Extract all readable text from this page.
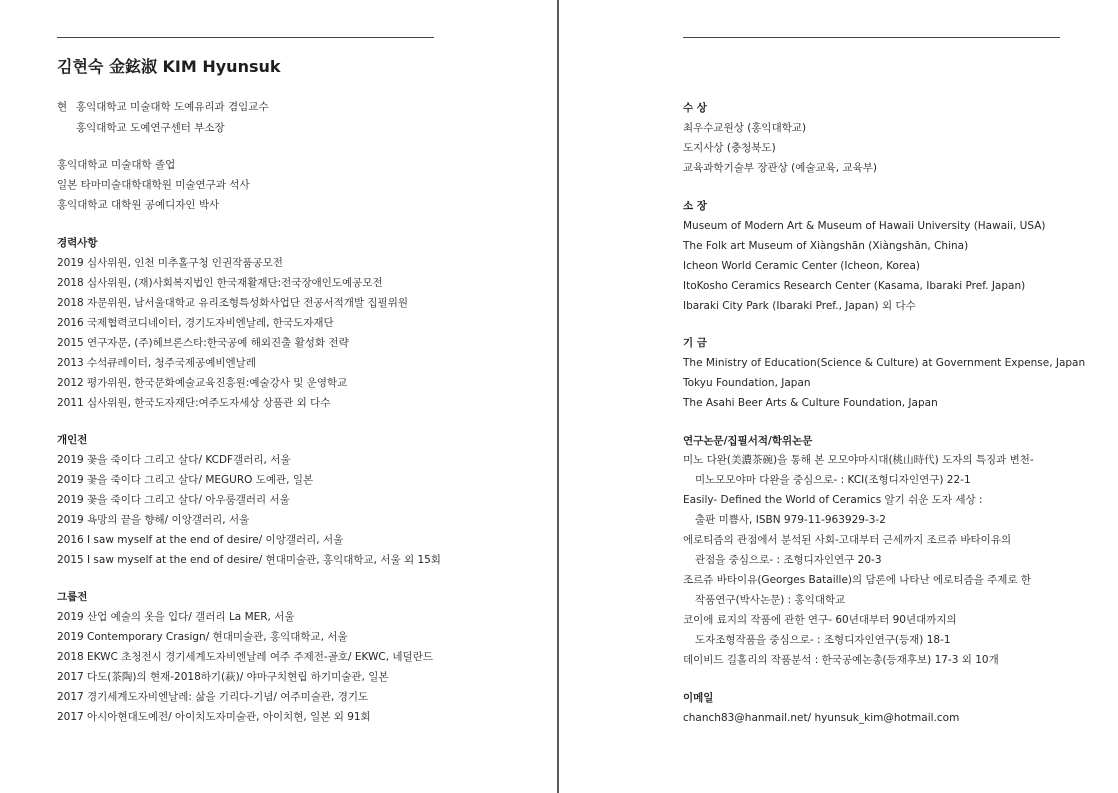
김현숙 金鉉淑 KIM Hyunsuk
현 홍익대학교 미술대학 도예유리과 겸임교수
홍익대학교 도예연구센터 부소장
홍익대학교 미술대학 졸업
일본 타마미술대학대학원 미술연구과 석사
홍익대학교 대학원 공예디자인 박사
경력사항
2019 심사위원, 인천 미추홀구청 인권작품공모전
2018 심사위원, (재)사회복지법인 한국재활재단:전국장애인도예공모전
2018 자문위원, 남서울대학교 유리조형특성화사업단 전공서적개발 집필위원
2016 국제협력코디네이터, 경기도자비엔날레, 한국도자재단
2015 연구자문, (주)헤브론스타:한국공예 해외진출 활성화 전략
2013 수석큐레이터, 청주국제공예비엔날레
2012 평가위원, 한국문화예술교육진흥원:예술강사 및 운영학교
2011 심사위원, 한국도자재단:여주도자세상 상품관 외 다수
개인전
2019 꽃을 죽이다 그리고 살다/ KCDF갤러리, 서울
2019 꽃을 죽이다 그리고 살다/ MEGURO 도예관, 일본
2019 꽃을 죽이다 그리고 살다/ 아우룸갤러리 서울
2019 욕망의 끝을 향해/ 이앙갤러리, 서울
2016 I saw myself at the end of desire/ 이앙갤러리, 서울
2015 I saw myself at the end of desire/ 현대미술관, 홍익대학교, 서울 외 15회
그룹전
2019 산업 예술의 옷을 입다/ 갤러리 La MER, 서울
2019 Contemporary Crasign/ 현대미술관, 홍익대학교, 서울
2018 EKWC 초청전시 경기세계도자비엔날레 여주 주제전-골호/ EKWC, 네덜란드
2017 다도(茶陶)의 현재-2018하기(萩)/ 야마구치현립 하기미술관, 일본
2017 경기세계도자비엔날레: 삶을 기리다-기념/ 여주미술관, 경기도
2017 아시아현대도예전/ 아이치도자미술관, 아이치현, 일본 외 91회
수 상
최우수교원상 (홍익대학교)
도지사상 (충청북도)
교육과학기술부 장관상 (예술교육, 교육부)
소 장
Museum of Modern Art & Museum of Hawaii University (Hawaii, USA)
The Folk art Museum of Xiàngshān (Xiàngshān, China)
Icheon World Ceramic Center (Icheon, Korea)
ItoKosho Ceramics Research Center (Kasama, Ibaraki Pref. Japan)
Ibaraki City Park (Ibaraki Pref., Japan) 외 다수
기 금
The Ministry of Education(Science & Culture) at Government Expense, Japan
Tokyu Foundation, Japan
The Asahi Beer Arts & Culture Foundation, Japan
연구논문/집필서적/학위논문
미노 다완(美濃茶碗)을 통해 본 모모야마시대(桃山時代) 도자의 특징과 변천-
미노모모야마 다완을 중심으로- : KCI(조형디자인연구) 22-1
Easily- Defined the World of Ceramics 알기 쉬운 도자 세상 :
출판 미쁨사, ISBN 979-11-963929-3-2
에로티즘의 관점에서 분석된 사회-고대부터 근세까지 조르쥬 바타이유의
관점을 중심으로- : 조형디자인연구 20-3
조르쥬 바타이유(Georges Bataille)의 담론에 나타난 에로티즘을 주제로 한
작품연구(박사논문) : 홍익대학교
코이에 료지의 작품에 관한 연구- 60년대부터 90년대까지의
도자조형작품을 중심으로- : 조형디자인연구(등재) 18-1
데이비드 길홀리의 작품분석 : 한국공예논총(등재후보) 17-3 외 10개
이메일
chanch83@hanmail.net/ hyunsuk_kim@hotmail.com
